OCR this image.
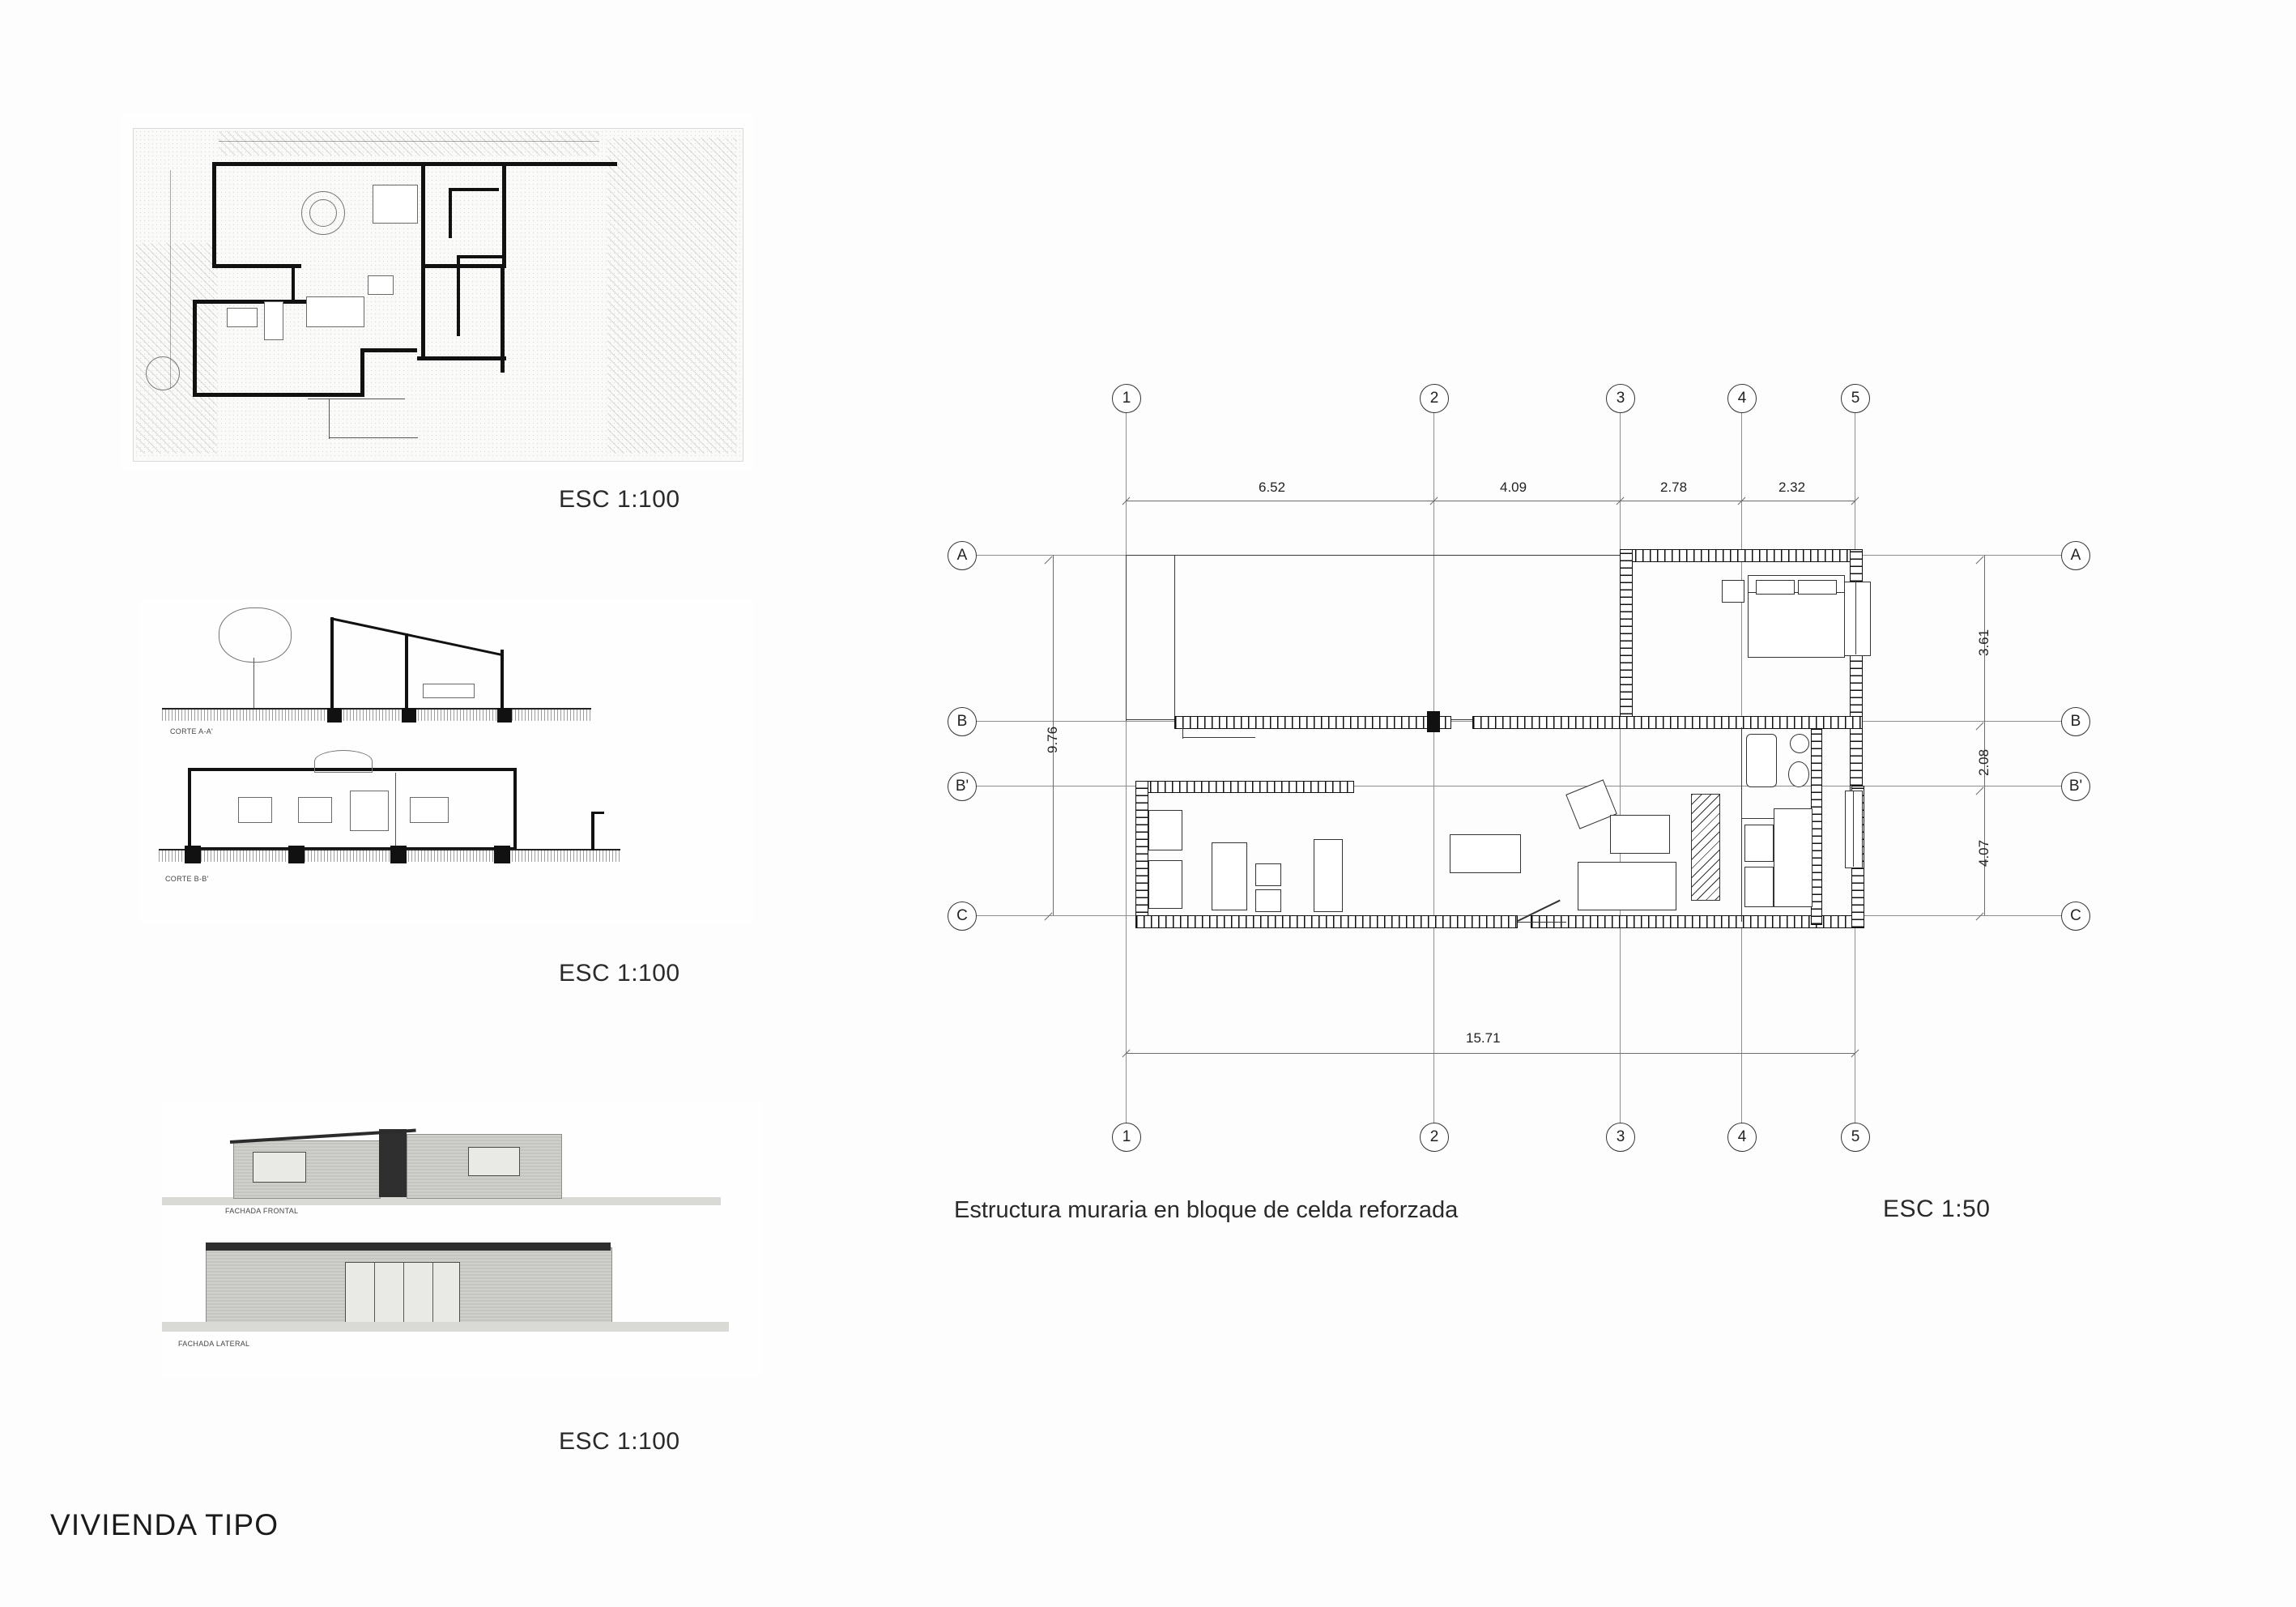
ESC 1:100
CORTE A-A'
CORTE B-B'
ESC 1:100
FACHADA FRONTAL
FACHADA LATERAL
ESC 1:100
VIVIENDA TIPO
1	2	3	4	5
1	2	3	4	5
A
B
B'
C
A
B
B'
C
6.52	4.09	2.78	2.32
15.71
9.76
3.61
2.08
4.07
Estructura muraria en bloque de celda reforzada	ESC 1:50
